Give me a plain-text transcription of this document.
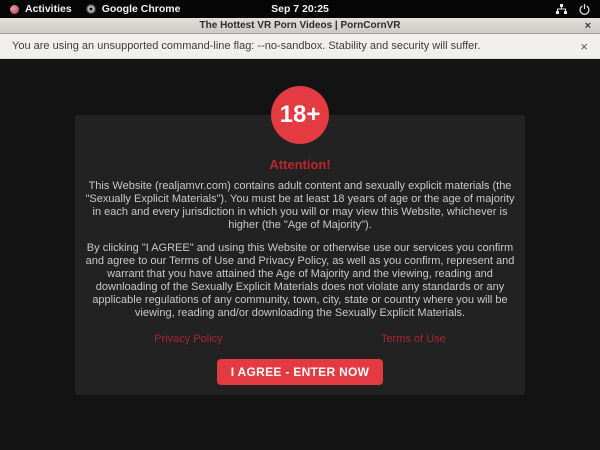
Activities	Google Chrome	Sep 7 20:25
The Hottest VR Porn Videos | PornCornVR	×
You are using an unsupported command-line flag: --no-sandbox. Stability and security will suffer.	×
18+
Attention!

This Website (realjamvr.com) contains adult content and sexually explicit materials (the "Sexually Explicit Materials"). You must be at least 18 years of age or the age of majority in each and every jurisdiction in which you will or may view this Website, whichever is higher (the "Age of Majority").

By clicking "I AGREE" and using this Website or otherwise use our services you confirm and agree to our Terms of Use and Privacy Policy, as well as you confirm, represent and warrant that you have attained the Age of Majority and the viewing, reading and downloading of the Sexually Explicit Materials does not violate any standards or any applicable regulations of any community, town, city, state or country where you will be viewing, reading and/or downloading the Sexually Explicit Materials.

Privacy Policy	Terms of Use
I AGREE - ENTER NOW
